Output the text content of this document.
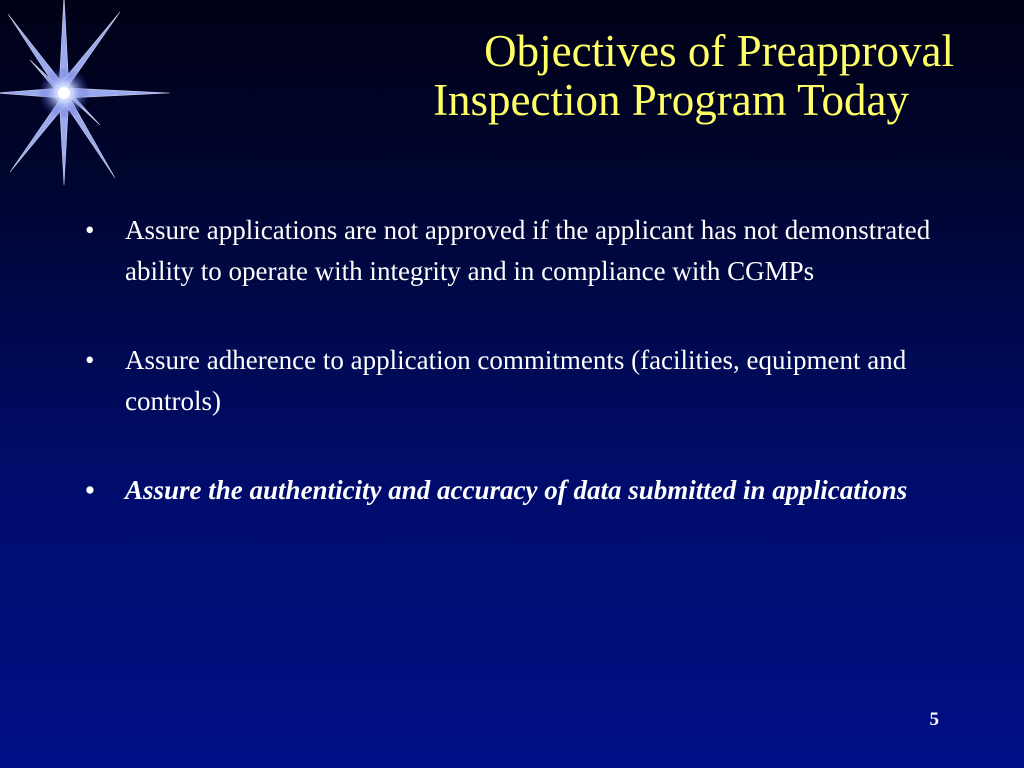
Objectives of Preapproval
Inspection Program Today
• Assure applications are not approved if the applicant has not demonstrated ability to operate with integrity and in compliance with CGMPs
• Assure adherence to application commitments (facilities, equipment and controls)
• Assure the authenticity and accuracy of data submitted in applications
5
